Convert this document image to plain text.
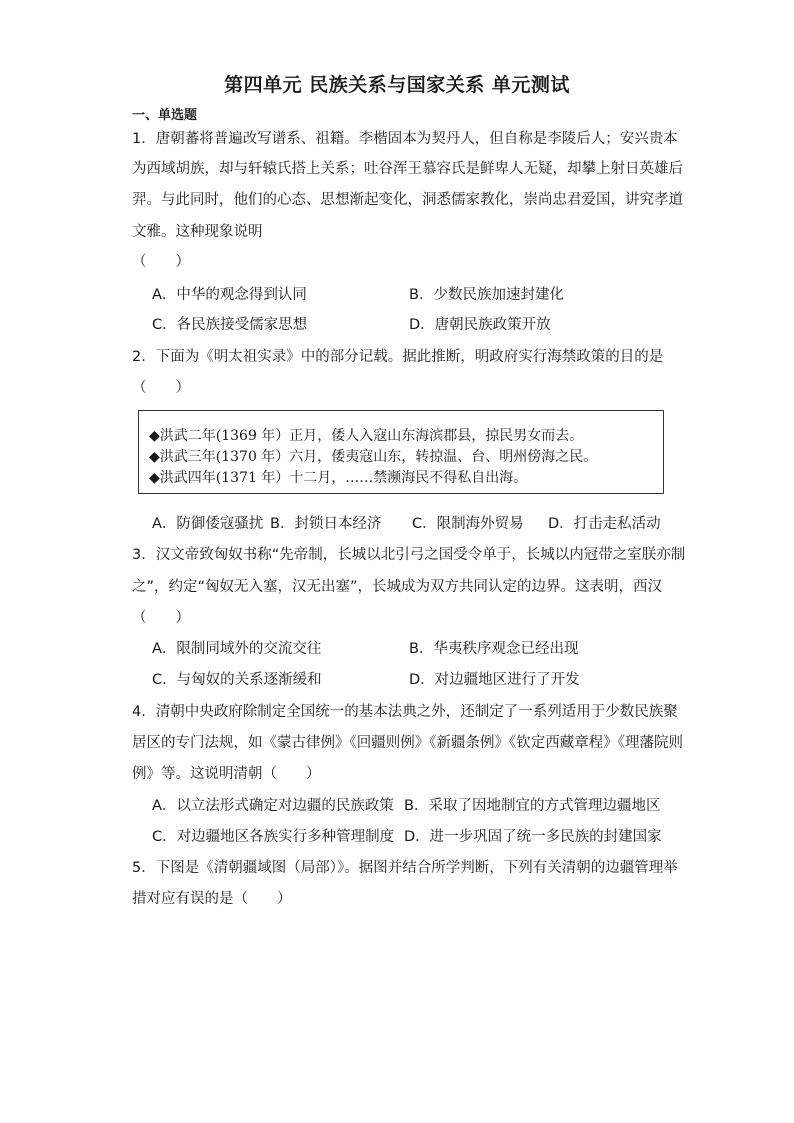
第四单元 民族关系与国家关系 单元测试
一、单选题
1．唐朝蕃将普遍改写谱系、祖籍。李楷固本为契丹人，但自称是李陵后人；安兴贵本
为西域胡族，却与轩辕氏搭上关系；吐谷浑王慕容氏是鲜卑人无疑，却攀上射日英雄后
羿。与此同时，他们的心态、思想渐起变化，洞悉儒家教化，崇尚忠君爱国，讲究孝道
文雅。这种现象说明
（　　）
A．中华的观念得到认同	B．少数民族加速封建化
C．各民族接受儒家思想	D．唐朝民族政策开放
2．下面为《明太祖实录》中的部分记载。据此推断，明政府实行海禁政策的目的是
（　　）
◆洪武二年(1369 年）正月，倭人入寇山东海滨郡县，掠民男女而去。
◆洪武三年(1370 年）六月，倭夷寇山东，转掠温、台、明州傍海之民。
◆洪武四年(1371 年）十二月，……禁濒海民不得私自出海。
A．防御倭寇骚扰 B．封锁日本经济 C．限制海外贸易 D．打击走私活动
3．汉文帝致匈奴书称“先帝制，长城以北引弓之国受令单于，长城以内冠带之室朕亦制
之”，约定“匈奴无入塞，汉无出塞”，长城成为双方共同认定的边界。这表明，西汉
（　　）
A．限制同域外的交流交往	B．华夷秩序观念已经出现
C．与匈奴的关系逐渐缓和	D．对边疆地区进行了开发
4．清朝中央政府除制定全国统一的基本法典之外，还制定了一系列适用于少数民族聚
居区的专门法规，如《蒙古律例》《回疆则例》《新疆条例》《钦定西藏章程》《理藩院则
例》等。这说明清朝（　　）
A．以立法形式确定对边疆的民族政策 B．采取了因地制宜的方式管理边疆地区
C．对边疆地区各族实行多种管理制度 D．进一步巩固了统一多民族的封建国家
5．下图是《清朝疆域图（局部）》。据图并结合所学判断，下列有关清朝的边疆管理举
措对应有误的是（　　）
